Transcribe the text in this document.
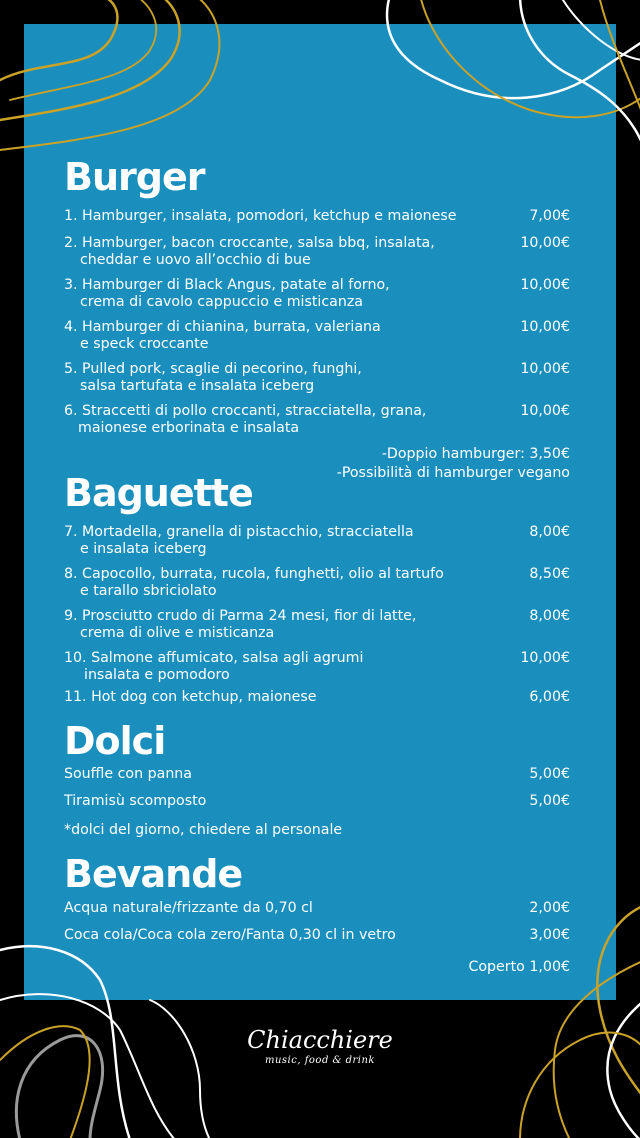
Burger
1. Hamburger, insalata, pomodori, ketchup e maionese	7,00€
2. Hamburger, bacon croccante, salsa bbq, insalata,
cheddar e uovo all’occhio di bue
10,00€
3. Hamburger di Black Angus, patate al forno,
crema di cavolo cappuccio e misticanza
10,00€
4. Hamburger di chianina, burrata, valeriana
e speck croccante
10,00€
5. Pulled pork, scaglie di pecorino, funghi,
salsa tartufata e insalata iceberg
10,00€
6. Straccetti di pollo croccanti, stracciatella, grana,
maionese erborinata e insalata
10,00€
-Doppio hamburger: 3,50€
-Possibilità di hamburger vegano
Baguette
7. Mortadella, granella di pistacchio, stracciatella
e insalata iceberg
8,00€
8. Capocollo, burrata, rucola, funghetti, olio al tartufo
e tarallo sbriciolato
8,50€
9. Prosciutto crudo di Parma 24 mesi, fior di latte,
crema di olive e misticanza
8,00€
10. Salmone affumicato, salsa agli agrumi
insalata e pomodoro
10,00€
11. Hot dog con ketchup, maionese	6,00€
Dolci
Souffle con panna	5,00€
Tiramisù scomposto	5,00€
*dolci del giorno, chiedere al personale
Bevande
Acqua naturale/frizzante da 0,70 cl	2,00€
Coca cola/Coca cola zero/Fanta 0,30 cl in vetro	3,00€
Coperto 1,00€
Chiacchiere
music, food & drink
